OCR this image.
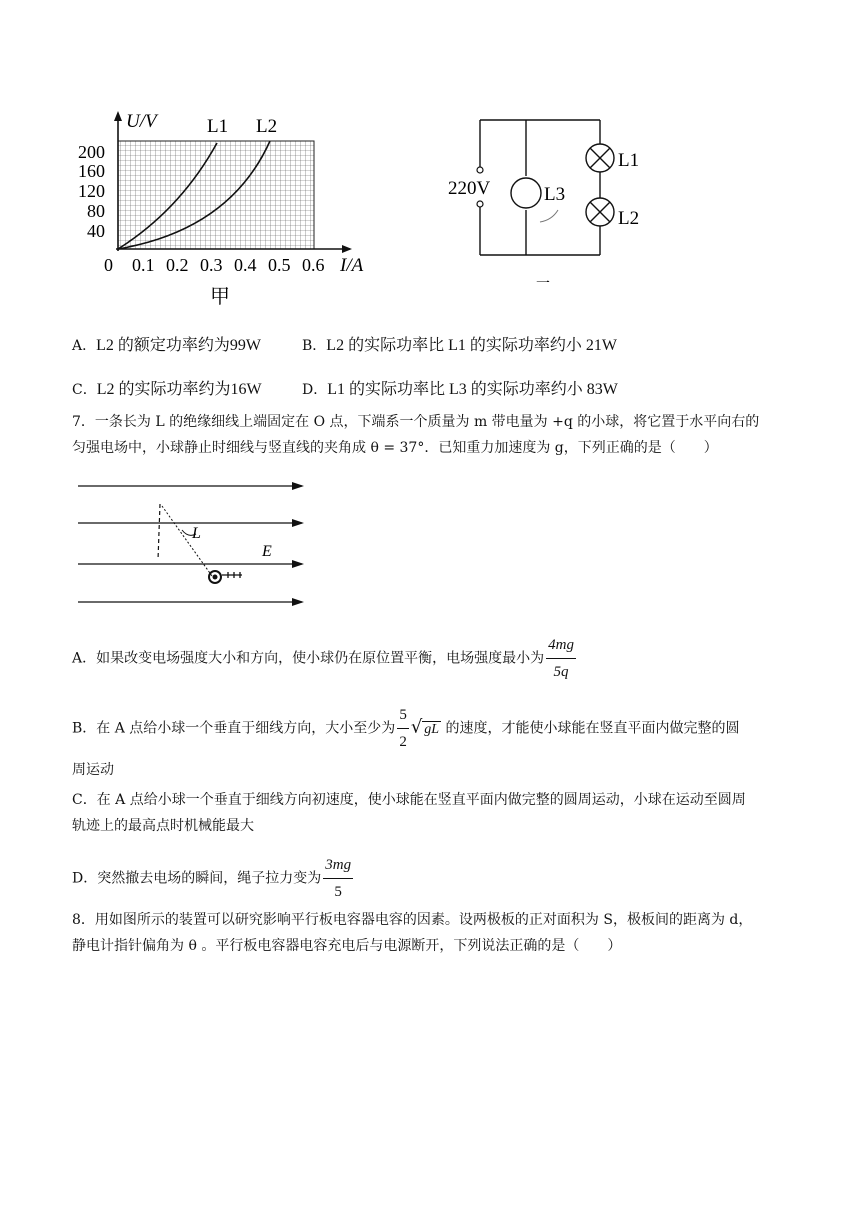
U/V	L1 L2
200
160
120
80
40
0 0.1 0.2 0.3 0.4 0.5 0.6 I/A
甲
220V	L3
L1
L2
一
A．L2 的额定功率约为99W	B．L2 的实际功率比 L1 的实际功率约小 21W
C．L2 的实际功率约为16W	D．L1 的实际功率比 L3 的实际功率约小 83W
7．一条长为 L 的绝缘细线上端固定在 O 点，下端系一个质量为 m 带电量为 +q 的小球，将它置于水平向右的
匀强电场中，小球静止时细线与竖直线的夹角成 θ = 37°．已知重力加速度为 g，下列正确的是（　　）
L
E
A．如果改变电场强度大小和方向，使小球仍在原位置平衡，电场强度最小为 $\frac{4mg}{5q}$
B．在 A 点给小球一个垂直于细线方向，大小至少为 $\frac{5}{2}$ √ gL 的速度，才能使小球能在竖直平面内做完整的圆
周运动
C．在 A 点给小球一个垂直于细线方向初速度，使小球能在竖直平面内做完整的圆周运动，小球在运动至圆周
轨迹上的最高点时机械能最大
D．突然撤去电场的瞬间，绳子拉力变为 $\frac{3mg}{5}$
8．用如图所示的装置可以研究影响平行板电容器电容的因素。设两极板的正对面积为 S，极板间的距离为 d，
静电计指针偏角为 θ 。平行板电容器电容充电后与电源断开，下列说法正确的是（　　）
